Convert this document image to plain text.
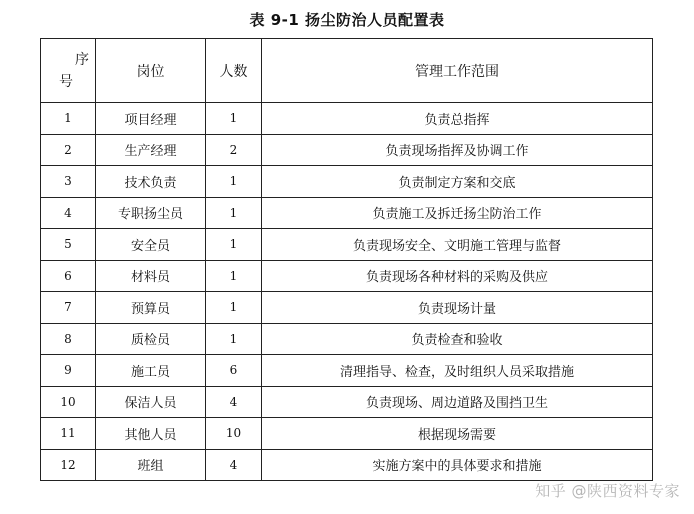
表 9-1 扬尘防治人员配置表
序
号	岗位	人数	管理工作范围
1	项目经理	1	负责总指挥
2	生产经理	2	负责现场指挥及协调工作
3	技术负责	1	负责制定方案和交底
4	专职扬尘员	1	负责施工及拆迁扬尘防治工作
5	安全员	1	负责现场安全、文明施工管理与监督
6	材料员	1	负责现场各种材料的采购及供应
7	预算员	1	负责现场计量
8	质检员	1	负责检查和验收
9	施工员	6	清理指导、检查，及时组织人员采取措施
10	保洁人员	4	负责现场、周边道路及围挡卫生
11	其他人员	10	根据现场需要
12	班组	4	实施方案中的具体要求和措施
知乎 @陕西资料专家
